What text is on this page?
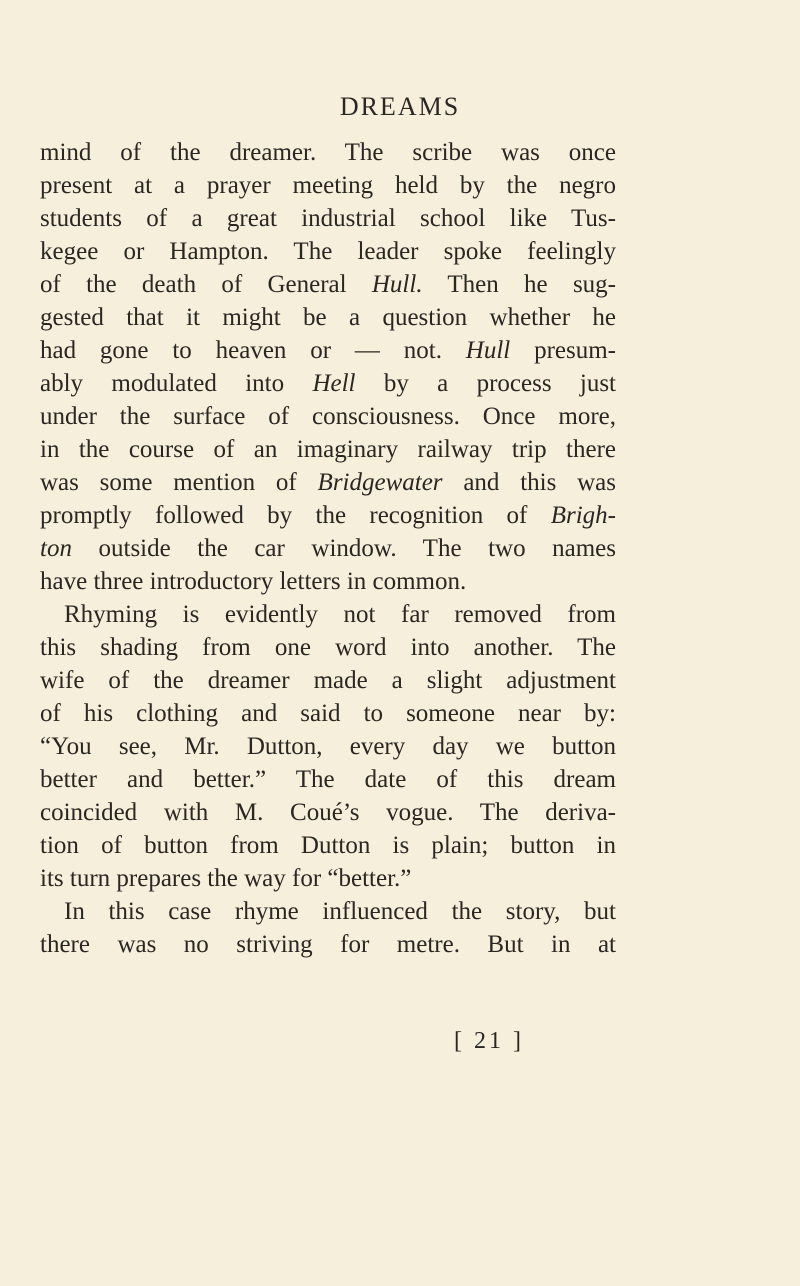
DREAMS
mind of the dreamer. The scribe was once
present at a prayer meeting held by the negro
students of a great industrial school like Tus-
kegee or Hampton. The leader spoke feelingly
of the death of General Hull. Then he sug-
gested that it might be a question whether he
had gone to heaven or — not. Hull presum-
ably modulated into Hell by a process just
under the surface of consciousness. Once more,
in the course of an imaginary railway trip there
was some mention of Bridgewater and this was
promptly followed by the recognition of Brigh-
ton outside the car window. The two names
have three introductory letters in common.
Rhyming is evidently not far removed from
this shading from one word into another. The
wife of the dreamer made a slight adjustment
of his clothing and said to someone near by:
“You see, Mr. Dutton, every day we button
better and better.” The date of this dream
coincided with M. Coué’s vogue. The deriva-
tion of button from Dutton is plain; button in
its turn prepares the way for “better.”
In this case rhyme influenced the story, but
there was no striving for metre. But in at
[ 21 ]
